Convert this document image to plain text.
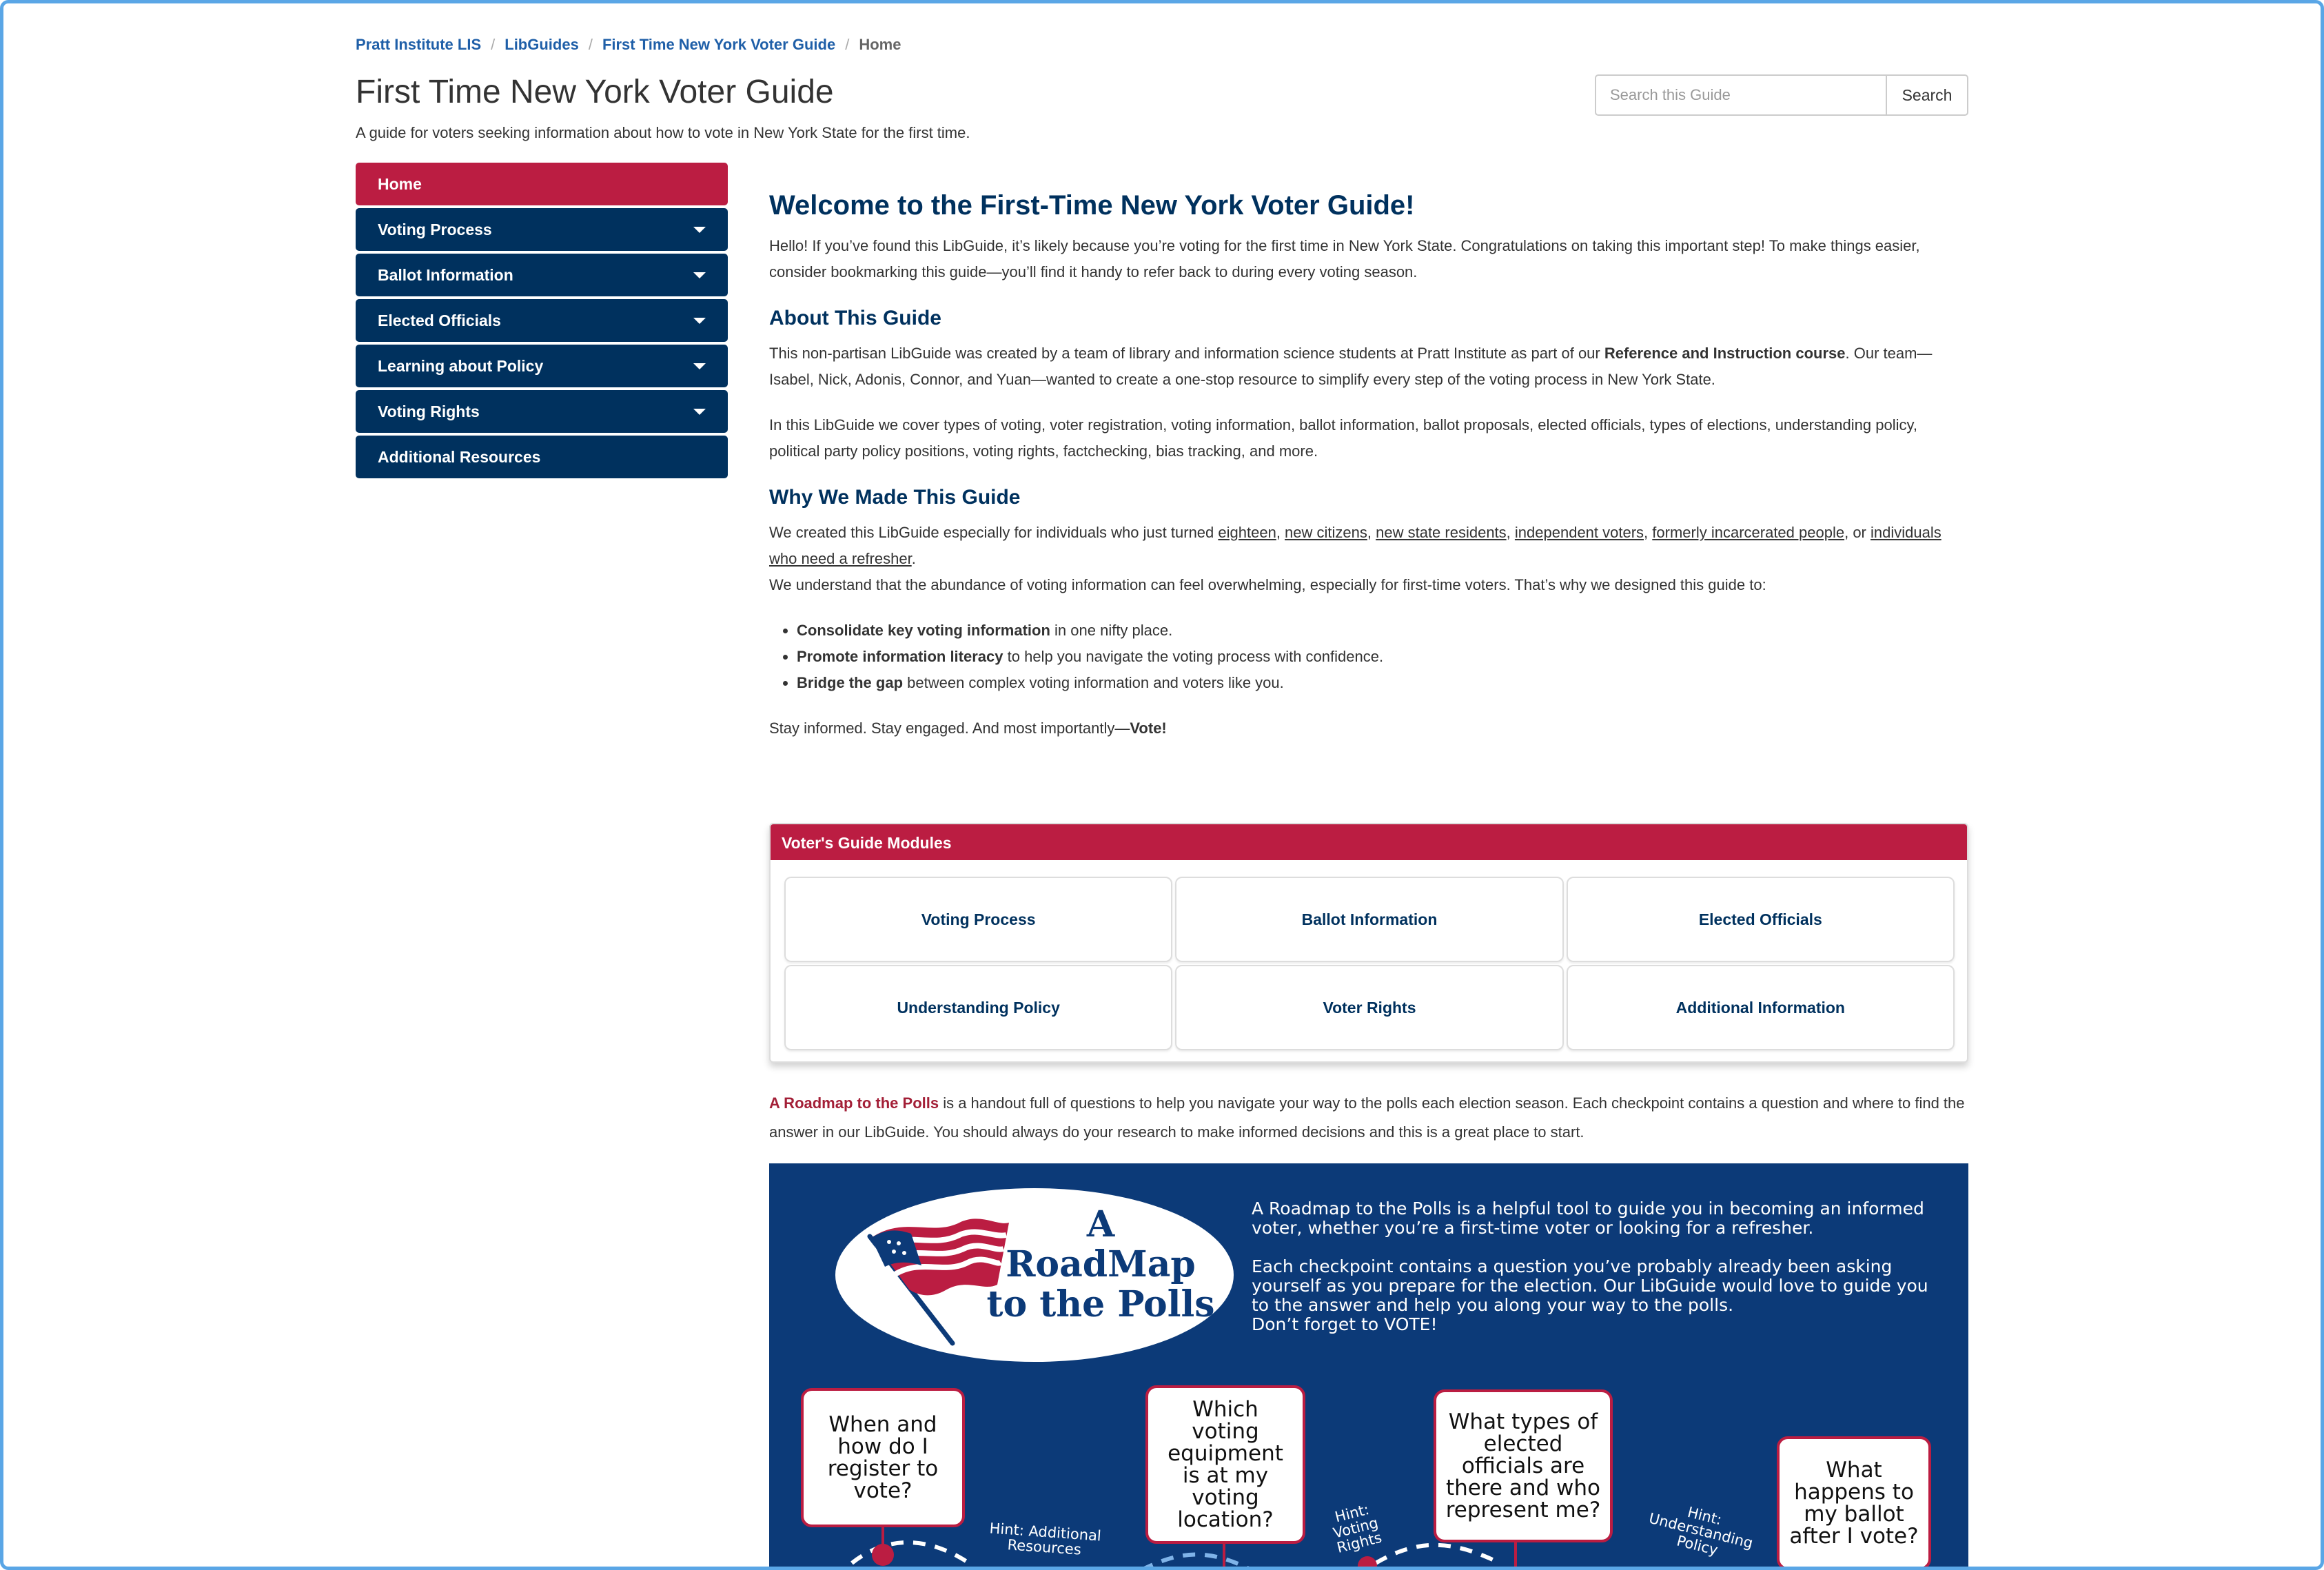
Pratt Institute LIS / LibGuides / First Time New York Voter Guide / Home
First Time New York Voter Guide
A guide for voters seeking information about how to vote in New York State for the first time.
Search this Guide
Search
Home
Voting Process
Ballot Information
Elected Officials
Learning about Policy
Voting Rights
Additional Resources
Welcome to the First-Time New York Voter Guide!

Hello! If you’ve found this LibGuide, it’s likely because you’re voting for the first time in New York State. Congratulations on taking this important step! To make things easier, consider bookmarking this guide—you’ll find it handy to refer back to during every voting season.

About This Guide

This non-partisan LibGuide was created by a team of library and information science students at Pratt Institute as part of our Reference and Instruction course. Our team—Isabel, Nick, Adonis, Connor, and Yuan—wanted to create a one-stop resource to simplify every step of the voting process in New York State.

In this LibGuide we cover types of voting, voter registration, voting information, ballot information, ballot proposals, elected officials, types of elections, understanding policy, political party policy positions, voting rights, factchecking, bias tracking, and more.

Why We Made This Guide

We created this LibGuide especially for individuals who just turned eighteen, new citizens, new state residents, independent voters, formerly incarcerated people, or individuals who need a refresher.

We understand that the abundance of voting information can feel overwhelming, especially for first-time voters. That’s why we designed this guide to:

• Consolidate key voting information in one nifty place.
• Promote information literacy to help you navigate the voting process with confidence.
• Bridge the gap between complex voting information and voters like you.

Stay informed. Stay engaged. And most importantly—Vote!

Voter's Guide Modules
Voting Process	Ballot Information	Elected Officials
Understanding Policy	Voter Rights	Additional Information

A Roadmap to the Polls is a handout full of questions to help you navigate your way to the polls each election season. Each checkpoint contains a question and where to find the answer in our LibGuide. You should always do your research to make informed decisions and this is a great place to start.

A
RoadMap
to the Polls

A Roadmap to the Polls is a helpful tool to guide you in becoming an informed voter, whether you’re a first-time voter or looking for a refresher.

Each checkpoint contains a question you’ve probably already been asking yourself as you prepare for the election. Our LibGuide would love to guide you to the answer and help you along your way to the polls.

Don’t forget to VOTE!

When and how do I register to vote?
Which voting equipment is at my voting location?
What types of elected officials are there and who represent me?
What happens to my ballot after I vote?
Hint: Additional Resources
Hint: Voting Rights
Hint: Understanding Policy
